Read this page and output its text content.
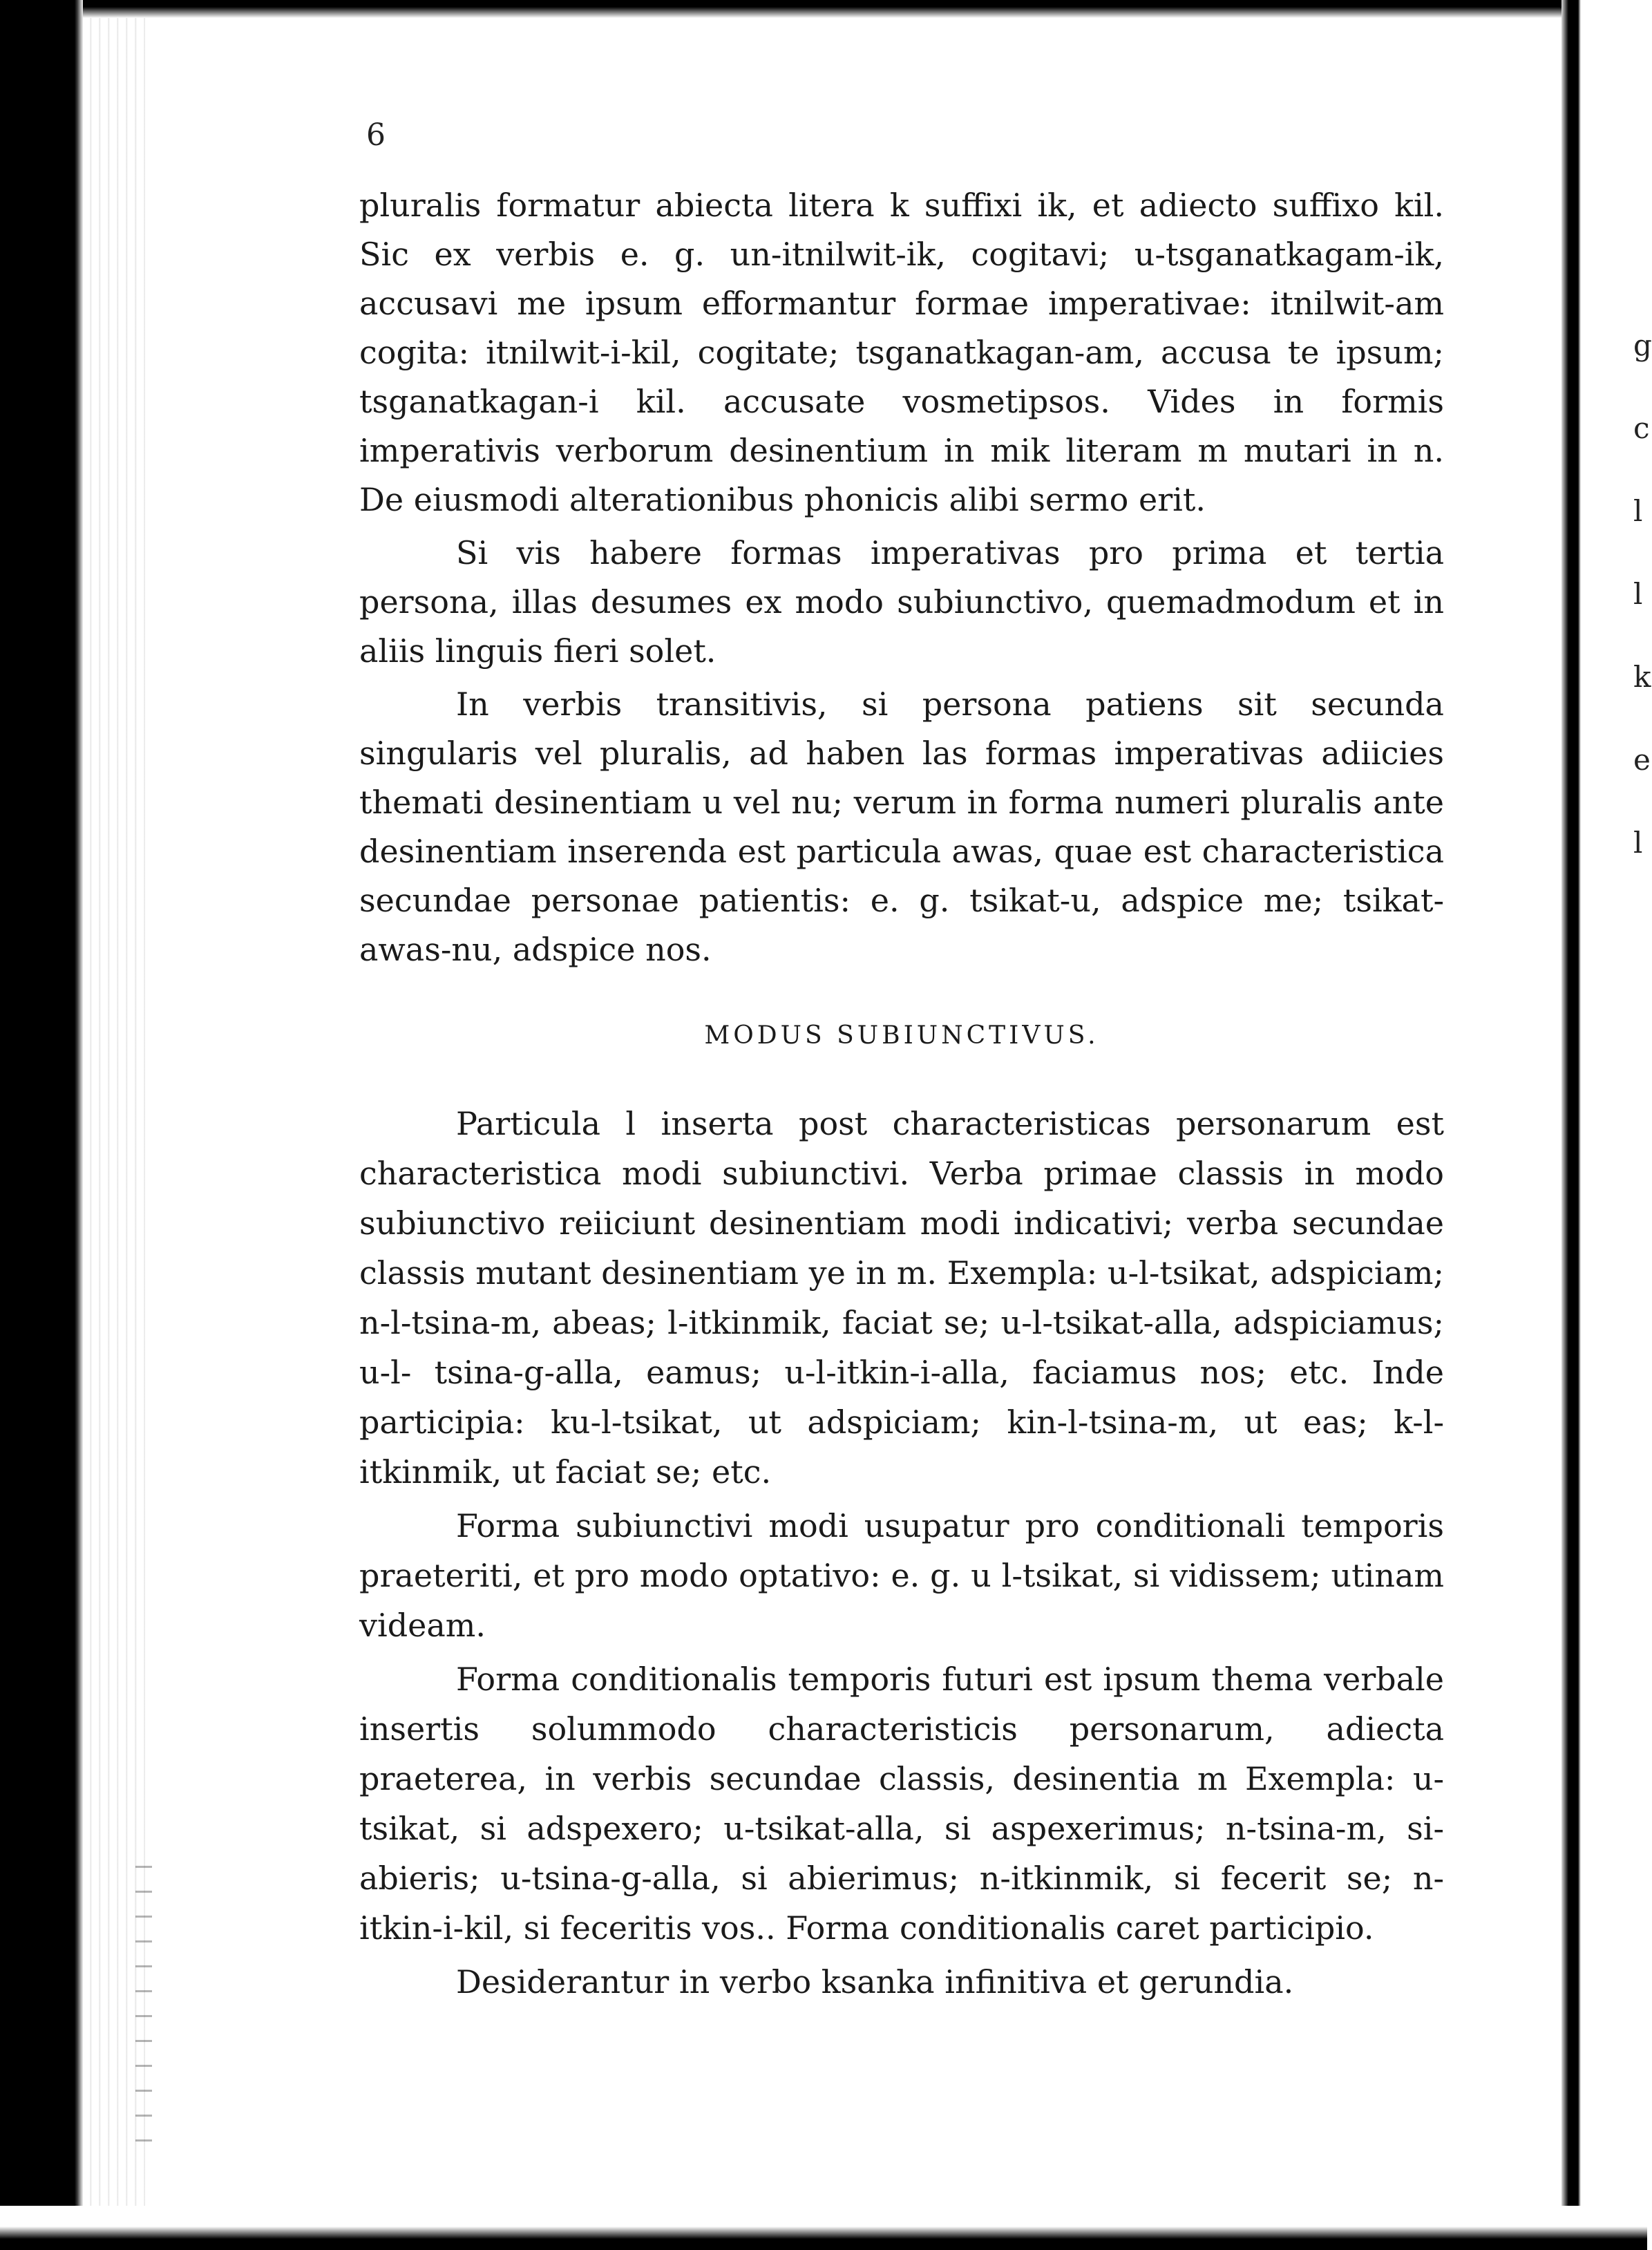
g
c
l
l
k
e
l
6

pluralis formatur abiecta litera k suffixi ik, et adiecto suffixo kil. Sic ex verbis e. g. un-itnilwit-ik, cogitavi; u-tsganatkagam-ik, accusavi me ipsum efformantur formae imperativae: itnilwit-am cogita: itnilwit-i-kil, cogitate; tsganatkagan-am, accusa te ipsum; tsganatkagan-i kil. accusate vosmetipsos. Vides in formis imperativis verborum desinentium in mik literam m mutari in n. De eiusmodi alterationibus phonicis alibi sermo erit.

Si vis habere formas imperativas pro prima et tertia persona, illas desumes ex modo subiunctivo, quemadmodum et in aliis linguis fieri solet.

In verbis transitivis, si persona patiens sit secunda singularis vel pluralis, ad haben las formas imperativas adiicies themati desinentiam u vel nu; verum in forma numeri pluralis ante desinentiam inserenda est particula awas, quae est characteristica secundae personae patientis: e. g. tsikat-u, adspice me; tsikat-awas-nu, adspice nos.

MODUS SUBIUNCTIVUS.

Particula l inserta post characteristicas personarum est characteristica modi subiunctivi. Verba primae classis in modo subiunctivo reiiciunt desinentiam modi indicativi; verba secundae classis mutant desinentiam ye in m. Exempla: u-l-tsikat, adspiciam; n-l-tsina-m, abeas; l-itkinmik, faciat se; u-l-tsikat-alla, adspiciamus; u-l- tsina-g-alla, eamus; u-l-itkin-i-alla, faciamus nos; etc. Inde participia: ku-l-tsikat, ut adspiciam; kin-l-tsina-m, ut eas; k-l-itkinmik, ut faciat se; etc.

Forma subiunctivi modi usupatur pro conditionali temporis praeteriti, et pro modo optativo: e. g. u l-tsikat, si vidissem; utinam videam.

Forma conditionalis temporis futuri est ipsum thema verbale insertis solummodo characteristicis personarum, adiecta praeterea, in verbis secundae classis, desinentia m Exempla: u-tsikat, si adspexero; u-tsikat-alla, si aspexerimus; n-tsina-m, si-abieris; u-tsina-g-alla, si abierimus; n-itkinmik, si fecerit se; n-itkin-i-kil, si feceritis vos.. Forma conditionalis caret participio.

Desiderantur in verbo ksanka infinitiva et gerundia.
